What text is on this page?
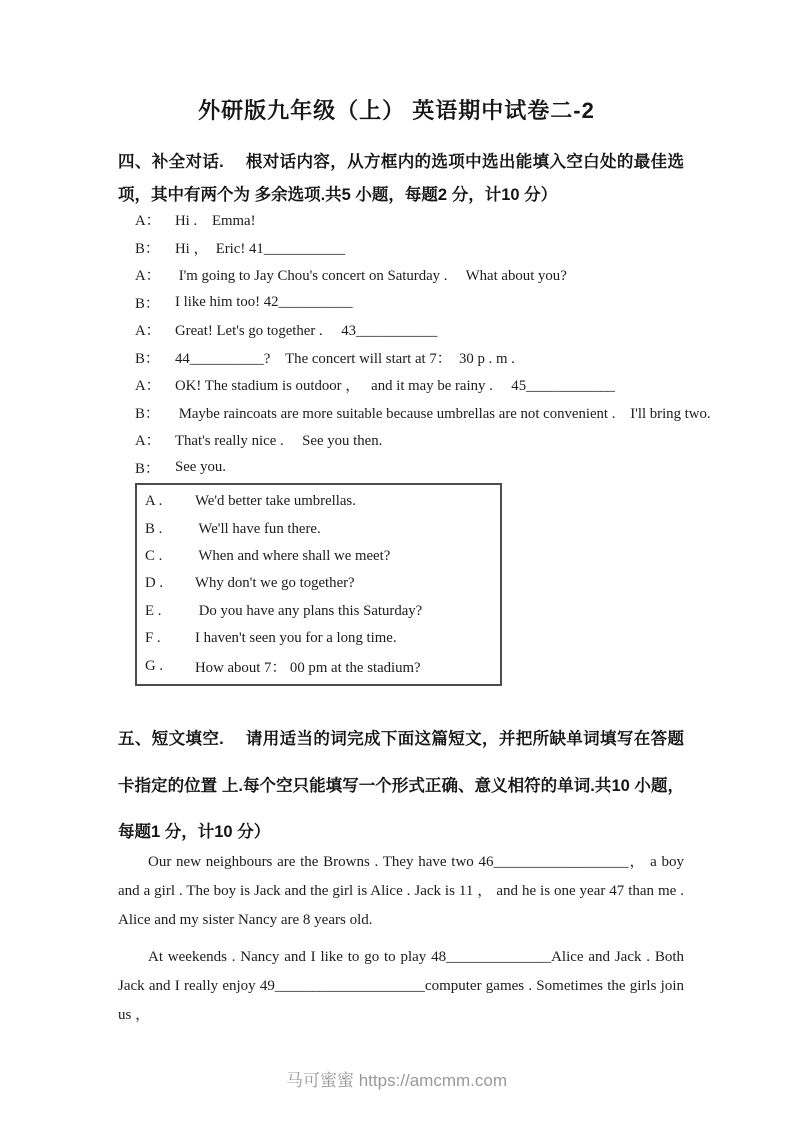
外研版九年级（上） 英语期中试卷二-2
四、补全对话.　 根对话内容，从方框内的选项中选出能填入空白处的最佳选项，其中有两个为 多余选项.共5 小题，每题2 分，计10 分）
A： Hi .　Emma!
B：	Hi ，　Eric! 41___________
A： I'm going to Jay Chou's concert on Saturday .　 What about you?
B：	I like him too! 42__________
A： Great! Let's go together .　 43___________
B：	44__________?　The concert will start at 7：　30 p . m .
A： OK! The stadium is outdoor ，　 and it may be rainy .　 45____________
B：	Maybe raincoats are more suitable because umbrellas are not convenient .　I'll bring two.
A： That's really nice .　 See you then.
B：	See you.
A .	We'd better take umbrellas.
B .	We'll have fun there.
C .	When and where shall we meet?
D .	Why don't we go together?
E .	Do you have any plans this Saturday?
F .	I haven't seen you for a long time.
G .	How about 7： 00 pm at the stadium?
五、短文填空.　 请用适当的词完成下面这篇短文，并把所缺单词填写在答题卡指定的位置 上.每个空只能填写一个形式正确、意义相符的单词.共10 小题，每题1 分，计10 分）

Our new neighbours are the Browns . They have two 46__________________， a boy and a girl . The boy is Jack and the girl is Alice . Jack is 11 ， and he is one year 47 than me . Alice and my sister Nancy are 8 years old.

At weekends . Nancy and I like to go to play 48______________Alice and Jack . Both Jack and I really enjoy 49____________________computer games . Sometimes the girls join us ，

马可蜜蜜 https://amcmm.com
